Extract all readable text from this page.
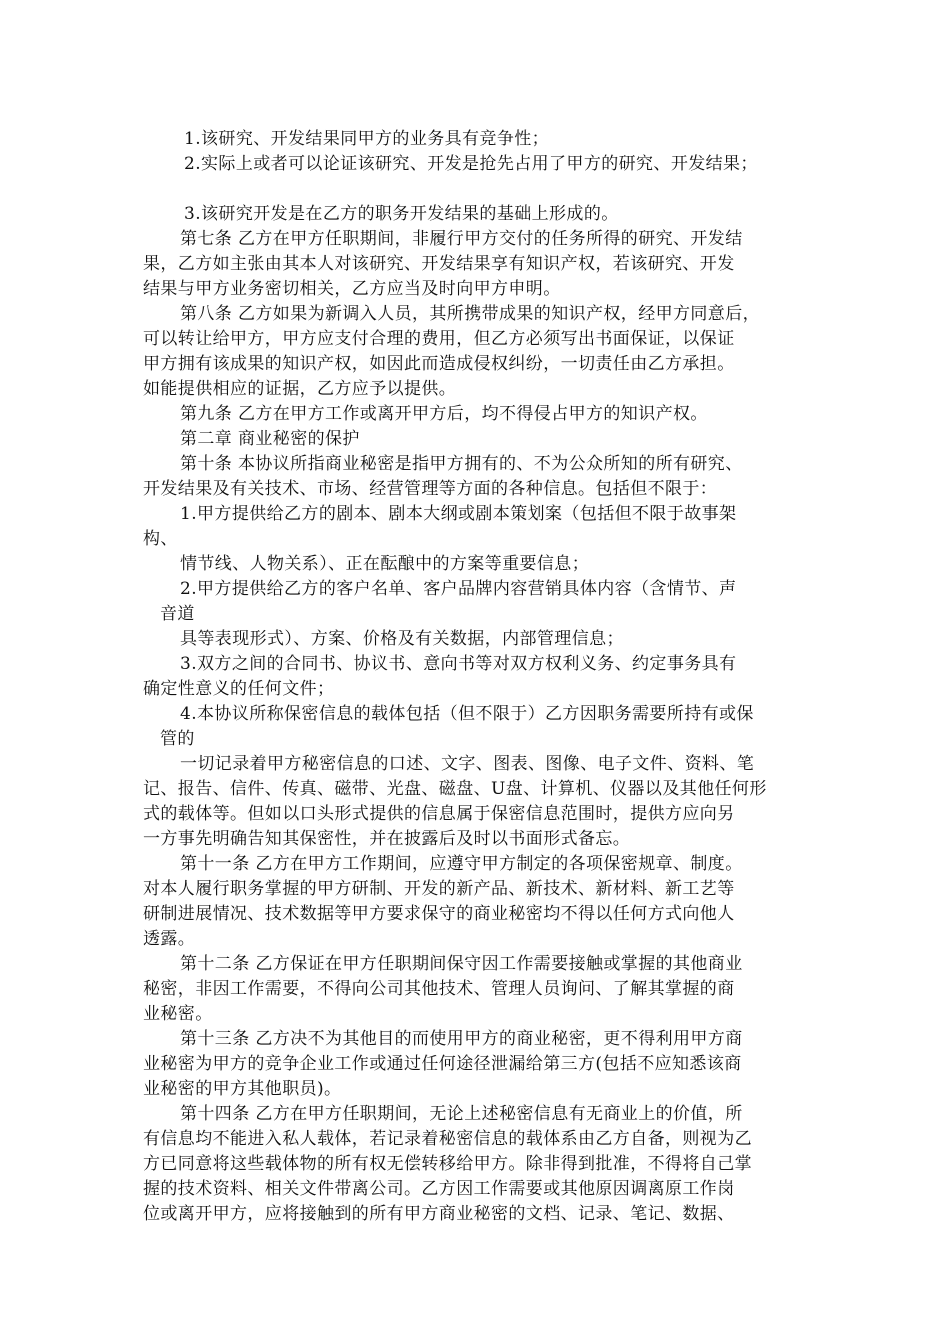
1.该研究、开发结果同甲方的业务具有竞争性；
2.实际上或者可以论证该研究、开发是抢先占用了甲方的研究、开发结果；
3.该研究开发是在乙方的职务开发结果的基础上形成的。
第七条 乙方在甲方任职期间，非履行甲方交付的任务所得的研究、开发结
果，乙方如主张由其本人对该研究、开发结果享有知识产权，若该研究、开发
结果与甲方业务密切相关，乙方应当及时向甲方申明。
第八条 乙方如果为新调入人员，其所携带成果的知识产权，经甲方同意后，
可以转让给甲方，甲方应支付合理的费用，但乙方必须写出书面保证，以保证
甲方拥有该成果的知识产权，如因此而造成侵权纠纷，一切责任由乙方承担。
如能提供相应的证据，乙方应予以提供。
第九条 乙方在甲方工作或离开甲方后，均不得侵占甲方的知识产权。
第二章 商业秘密的保护
第十条 本协议所指商业秘密是指甲方拥有的、不为公众所知的所有研究、
开发结果及有关技术、市场、经营管理等方面的各种信息。包括但不限于：
1.甲方提供给乙方的剧本、剧本大纲或剧本策划案（包括但不限于故事架
构、
情节线、人物关系）、正在酝酿中的方案等重要信息；
2.甲方提供给乙方的客户名单、客户品牌内容营销具体内容（含情节、声
音道
具等表现形式）、方案、价格及有关数据，内部管理信息；
3.双方之间的合同书、协议书、意向书等对双方权利义务、约定事务具有
确定性意义的任何文件；
4.本协议所称保密信息的载体包括（但不限于）乙方因职务需要所持有或保
管的
一切记录着甲方秘密信息的口述、文字、图表、图像、电子文件、资料、笔
记、报告、信件、传真、磁带、光盘、磁盘、U盘、计算机、仪器以及其他任何形
式的载体等。但如以口头形式提供的信息属于保密信息范围时，提供方应向另
一方事先明确告知其保密性，并在披露后及时以书面形式备忘。
第十一条 乙方在甲方工作期间，应遵守甲方制定的各项保密规章、制度。
对本人履行职务掌握的甲方研制、开发的新产品、新技术、新材料、新工艺等
研制进展情况、技术数据等甲方要求保守的商业秘密均不得以任何方式向他人
透露。
第十二条 乙方保证在甲方任职期间保守因工作需要接触或掌握的其他商业
秘密，非因工作需要，不得向公司其他技术、管理人员询问、了解其掌握的商
业秘密。
第十三条 乙方决不为其他目的而使用甲方的商业秘密，更不得利用甲方商
业秘密为甲方的竞争企业工作或通过任何途径泄漏给第三方(包括不应知悉该商
业秘密的甲方其他职员)。
第十四条 乙方在甲方任职期间，无论上述秘密信息有无商业上的价值，所
有信息均不能进入私人载体，若记录着秘密信息的载体系由乙方自备，则视为乙
方已同意将这些载体物的所有权无偿转移给甲方。除非得到批准，不得将自己掌
握的技术资料、相关文件带离公司。乙方因工作需要或其他原因调离原工作岗
位或离开甲方，应将接触到的所有甲方商业秘密的文档、记录、笔记、数据、
